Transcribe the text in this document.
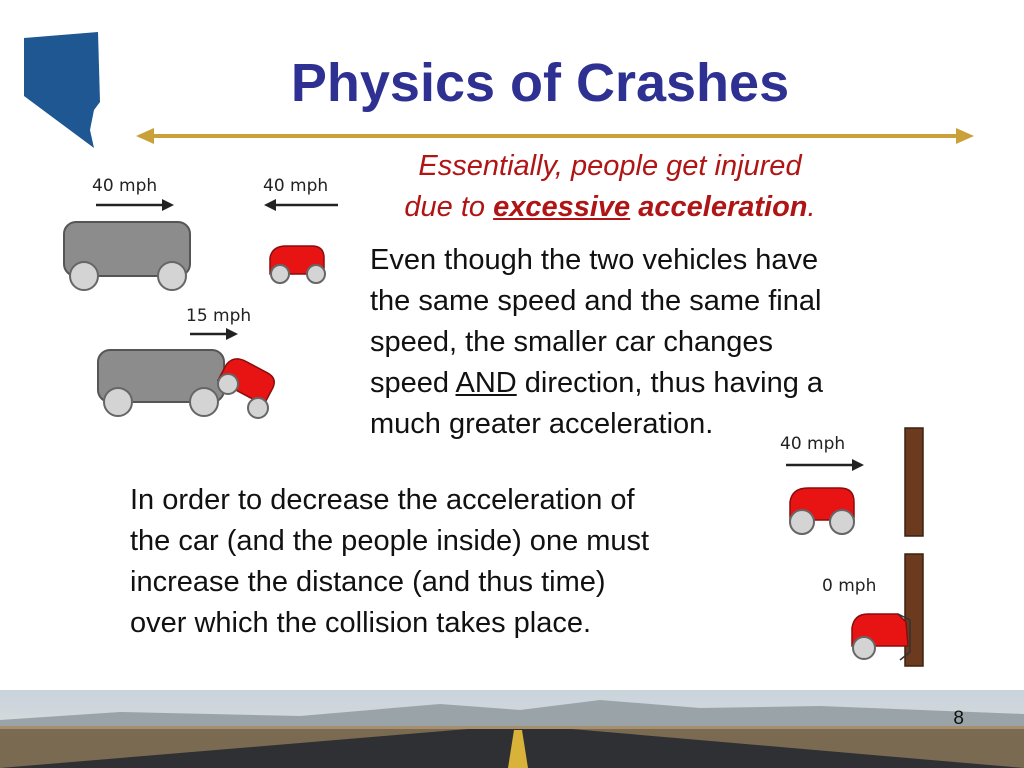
Physics of Crashes
Essentially, people get injured
due to excessive acceleration.
Even though the two vehicles have
the same speed and the same final
speed, the smaller car changes
speed AND direction, thus having a
much greater acceleration.
In order to decrease the acceleration of
the car (and the people inside) one must
increase the distance (and thus time)
over which the collision takes place.
40 mph	40 mph
15 mph
40 mph
0 mph
8
